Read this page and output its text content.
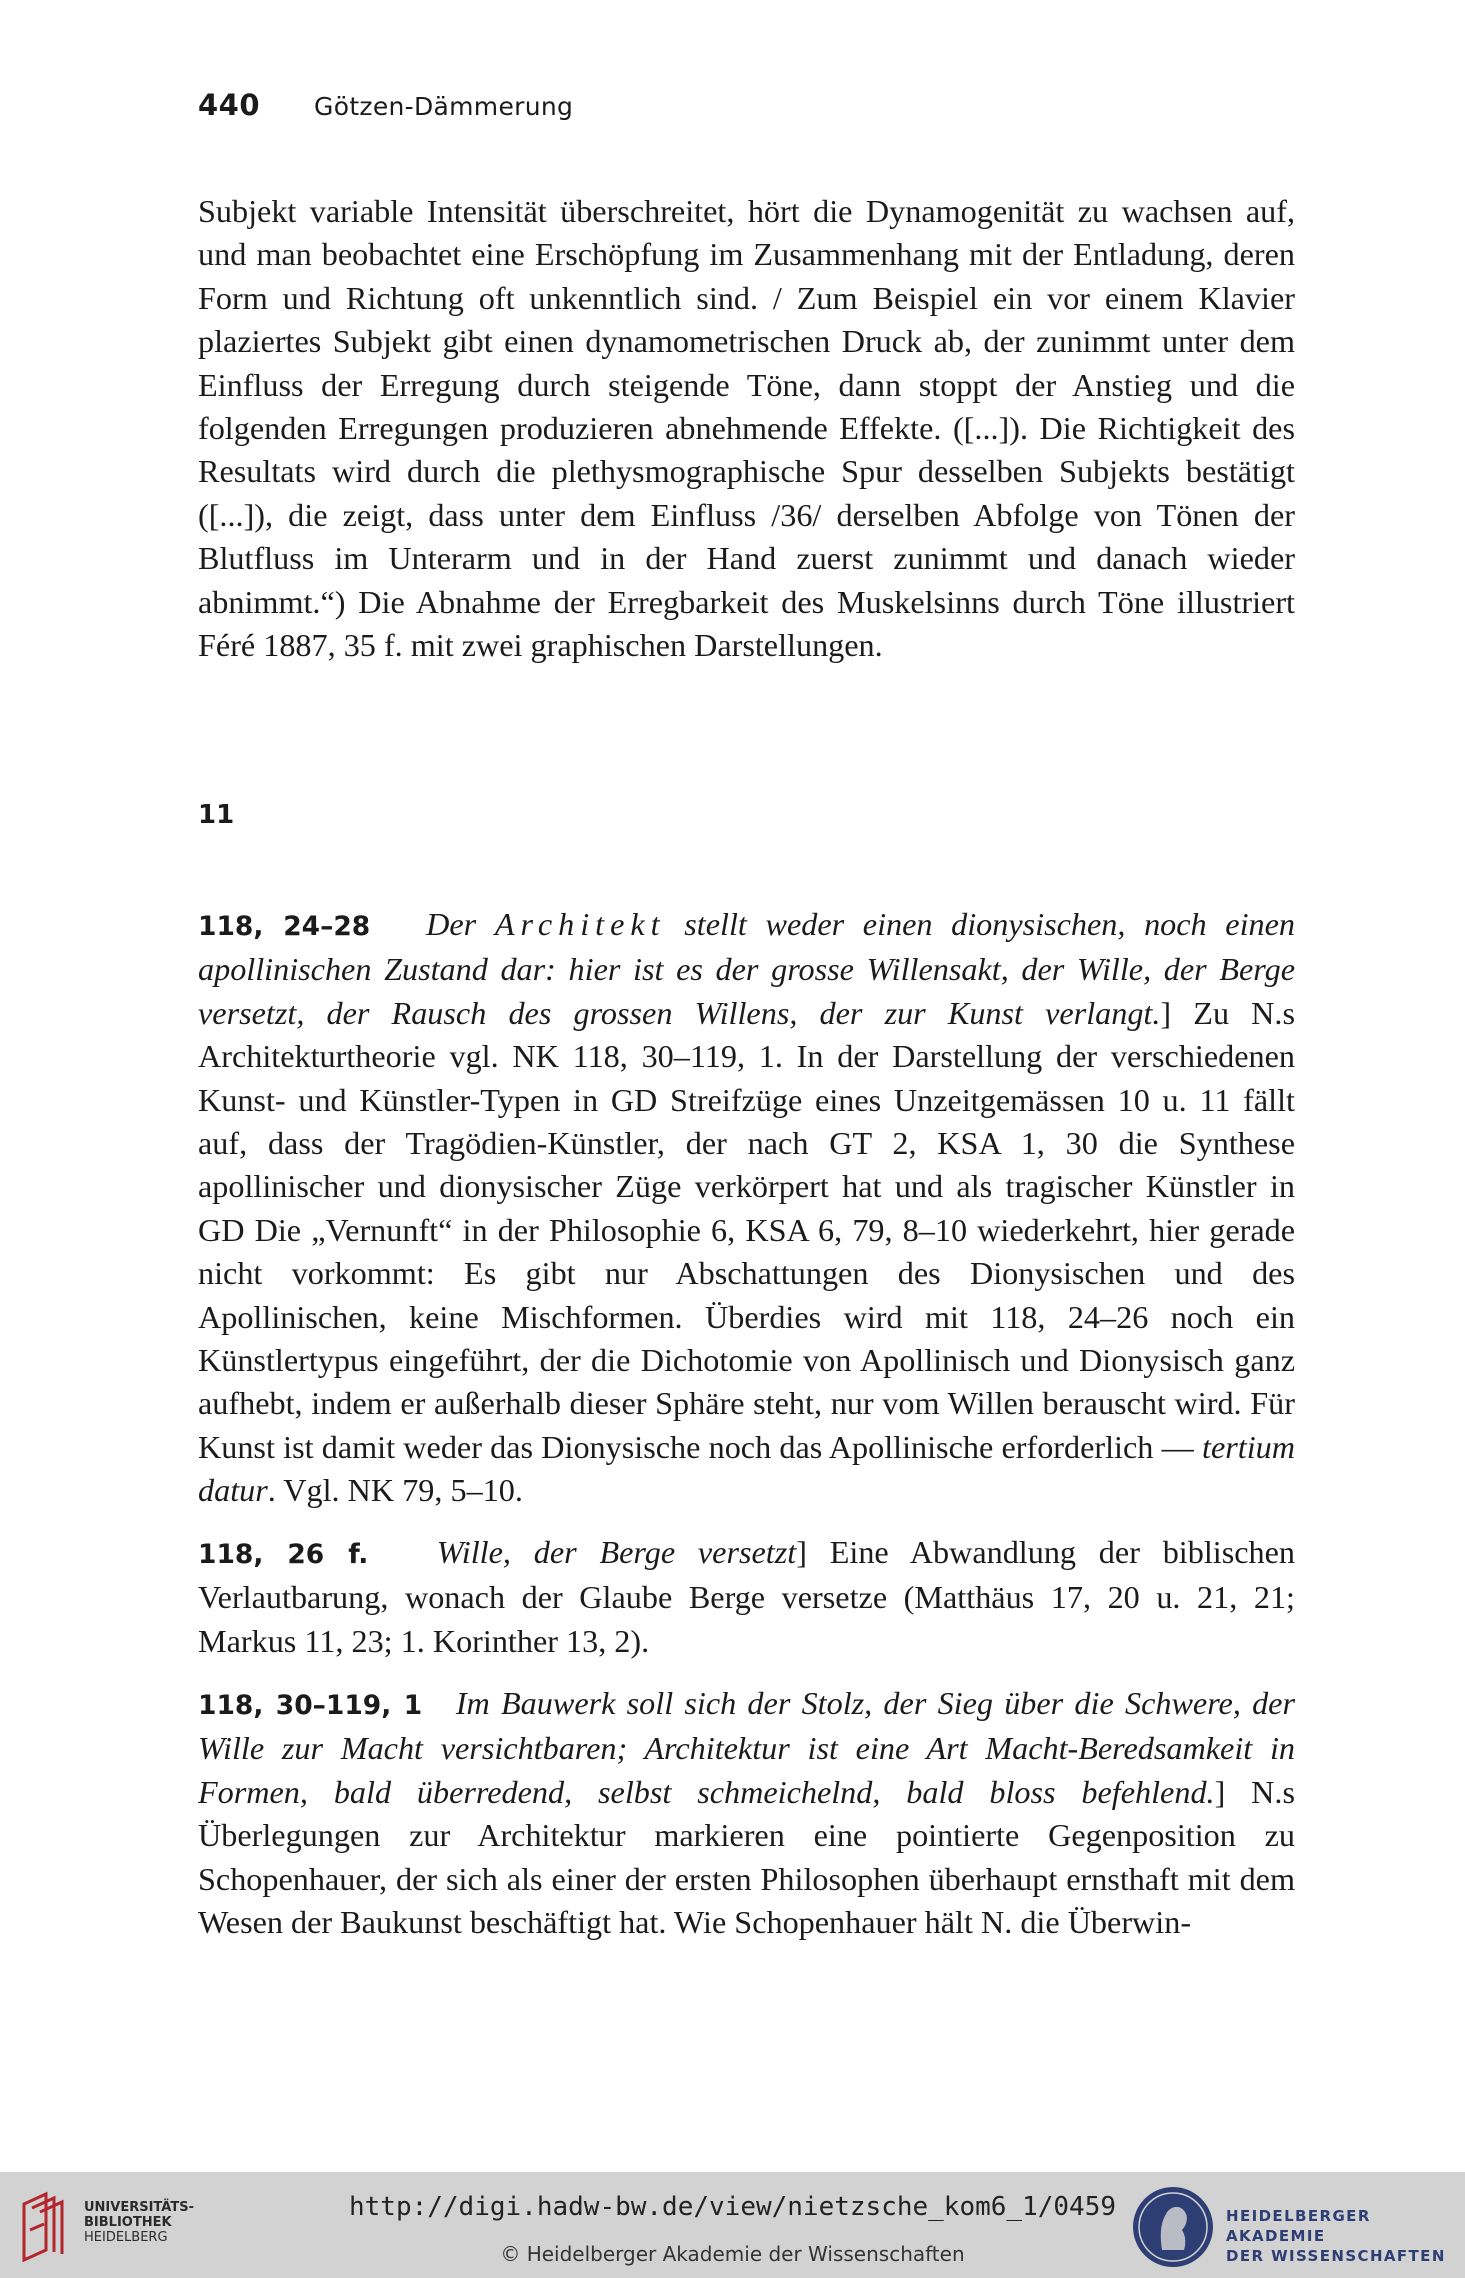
440 Götzen-Dämmerung

Subjekt variable Intensität überschreitet, hört die Dynamogenität zu wachsen auf, und man beobachtet eine Erschöpfung im Zusammenhang mit der Entladung, deren Form und Richtung oft unkenntlich sind. / Zum Beispiel ein vor einem Klavier plaziertes Subjekt gibt einen dynamometrischen Druck ab, der zunimmt unter dem Einfluss der Erregung durch steigende Töne, dann stoppt der Anstieg und die folgenden Erregungen produzieren abnehmende Effekte. ([...]). Die Richtigkeit des Resultats wird durch die plethysmographische Spur desselben Subjekts bestätigt ([...]), die zeigt, dass unter dem Einfluss /36/ derselben Abfolge von Tönen der Blutfluss im Unterarm und in der Hand zuerst zunimmt und danach wieder abnimmt.“) Die Abnahme der Erregbarkeit des Muskelsinns durch Töne illustriert Féré 1887, 35 f. mit zwei graphischen Darstellungen.

11

118, 24–28 Der Architekt stellt weder einen dionysischen, noch einen apollinischen Zustand dar: hier ist es der grosse Willensakt, der Wille, der Berge versetzt, der Rausch des grossen Willens, der zur Kunst verlangt.] Zu N.s Architekturtheorie vgl. NK 118, 30–119, 1. In der Darstellung der verschiedenen Kunst- und Künstler-Typen in GD Streifzüge eines Unzeitgemässen 10 u. 11 fällt auf, dass der Tragödien-Künstler, der nach GT 2, KSA 1, 30 die Synthese apollinischer und dionysischer Züge verkörpert hat und als tragischer Künstler in GD Die „Vernunft“ in der Philosophie 6, KSA 6, 79, 8–10 wiederkehrt, hier gerade nicht vorkommt: Es gibt nur Abschattungen des Dionysischen und des Apollinischen, keine Mischformen. Überdies wird mit 118, 24–26 noch ein Künstlertypus eingeführt, der die Dichotomie von Apollinisch und Dionysisch ganz aufhebt, indem er außerhalb dieser Sphäre steht, nur vom Willen berauscht wird. Für Kunst ist damit weder das Dionysische noch das Apollinische erforderlich — tertium datur. Vgl. NK 79, 5–10.

118, 26 f. Wille, der Berge versetzt] Eine Abwandlung der biblischen Verlautbarung, wonach der Glaube Berge versetze (Matthäus 17, 20 u. 21, 21; Markus 11, 23; 1. Korinther 13, 2).

118, 30–119, 1 Im Bauwerk soll sich der Stolz, der Sieg über die Schwere, der Wille zur Macht versichtbaren; Architektur ist eine Art Macht-Beredsamkeit in Formen, bald überredend, selbst schmeichelnd, bald bloss befehlend.] N.s Überlegungen zur Architektur markieren eine pointierte Gegenposition zu Schopenhauer, der sich als einer der ersten Philosophen überhaupt ernsthaft mit dem Wesen der Baukunst beschäftigt hat. Wie Schopenhauer hält N. die Überwin-

UNIVERSITÄTS-
BIBLIOTHEK
HEIDELBERG
http://digi.hadw-bw.de/view/nietzsche_kom6_1/0459
© Heidelberger Akademie der Wissenschaften
HEIDELBERGER AKADEMIE
DER WISSENSCHAFTEN
